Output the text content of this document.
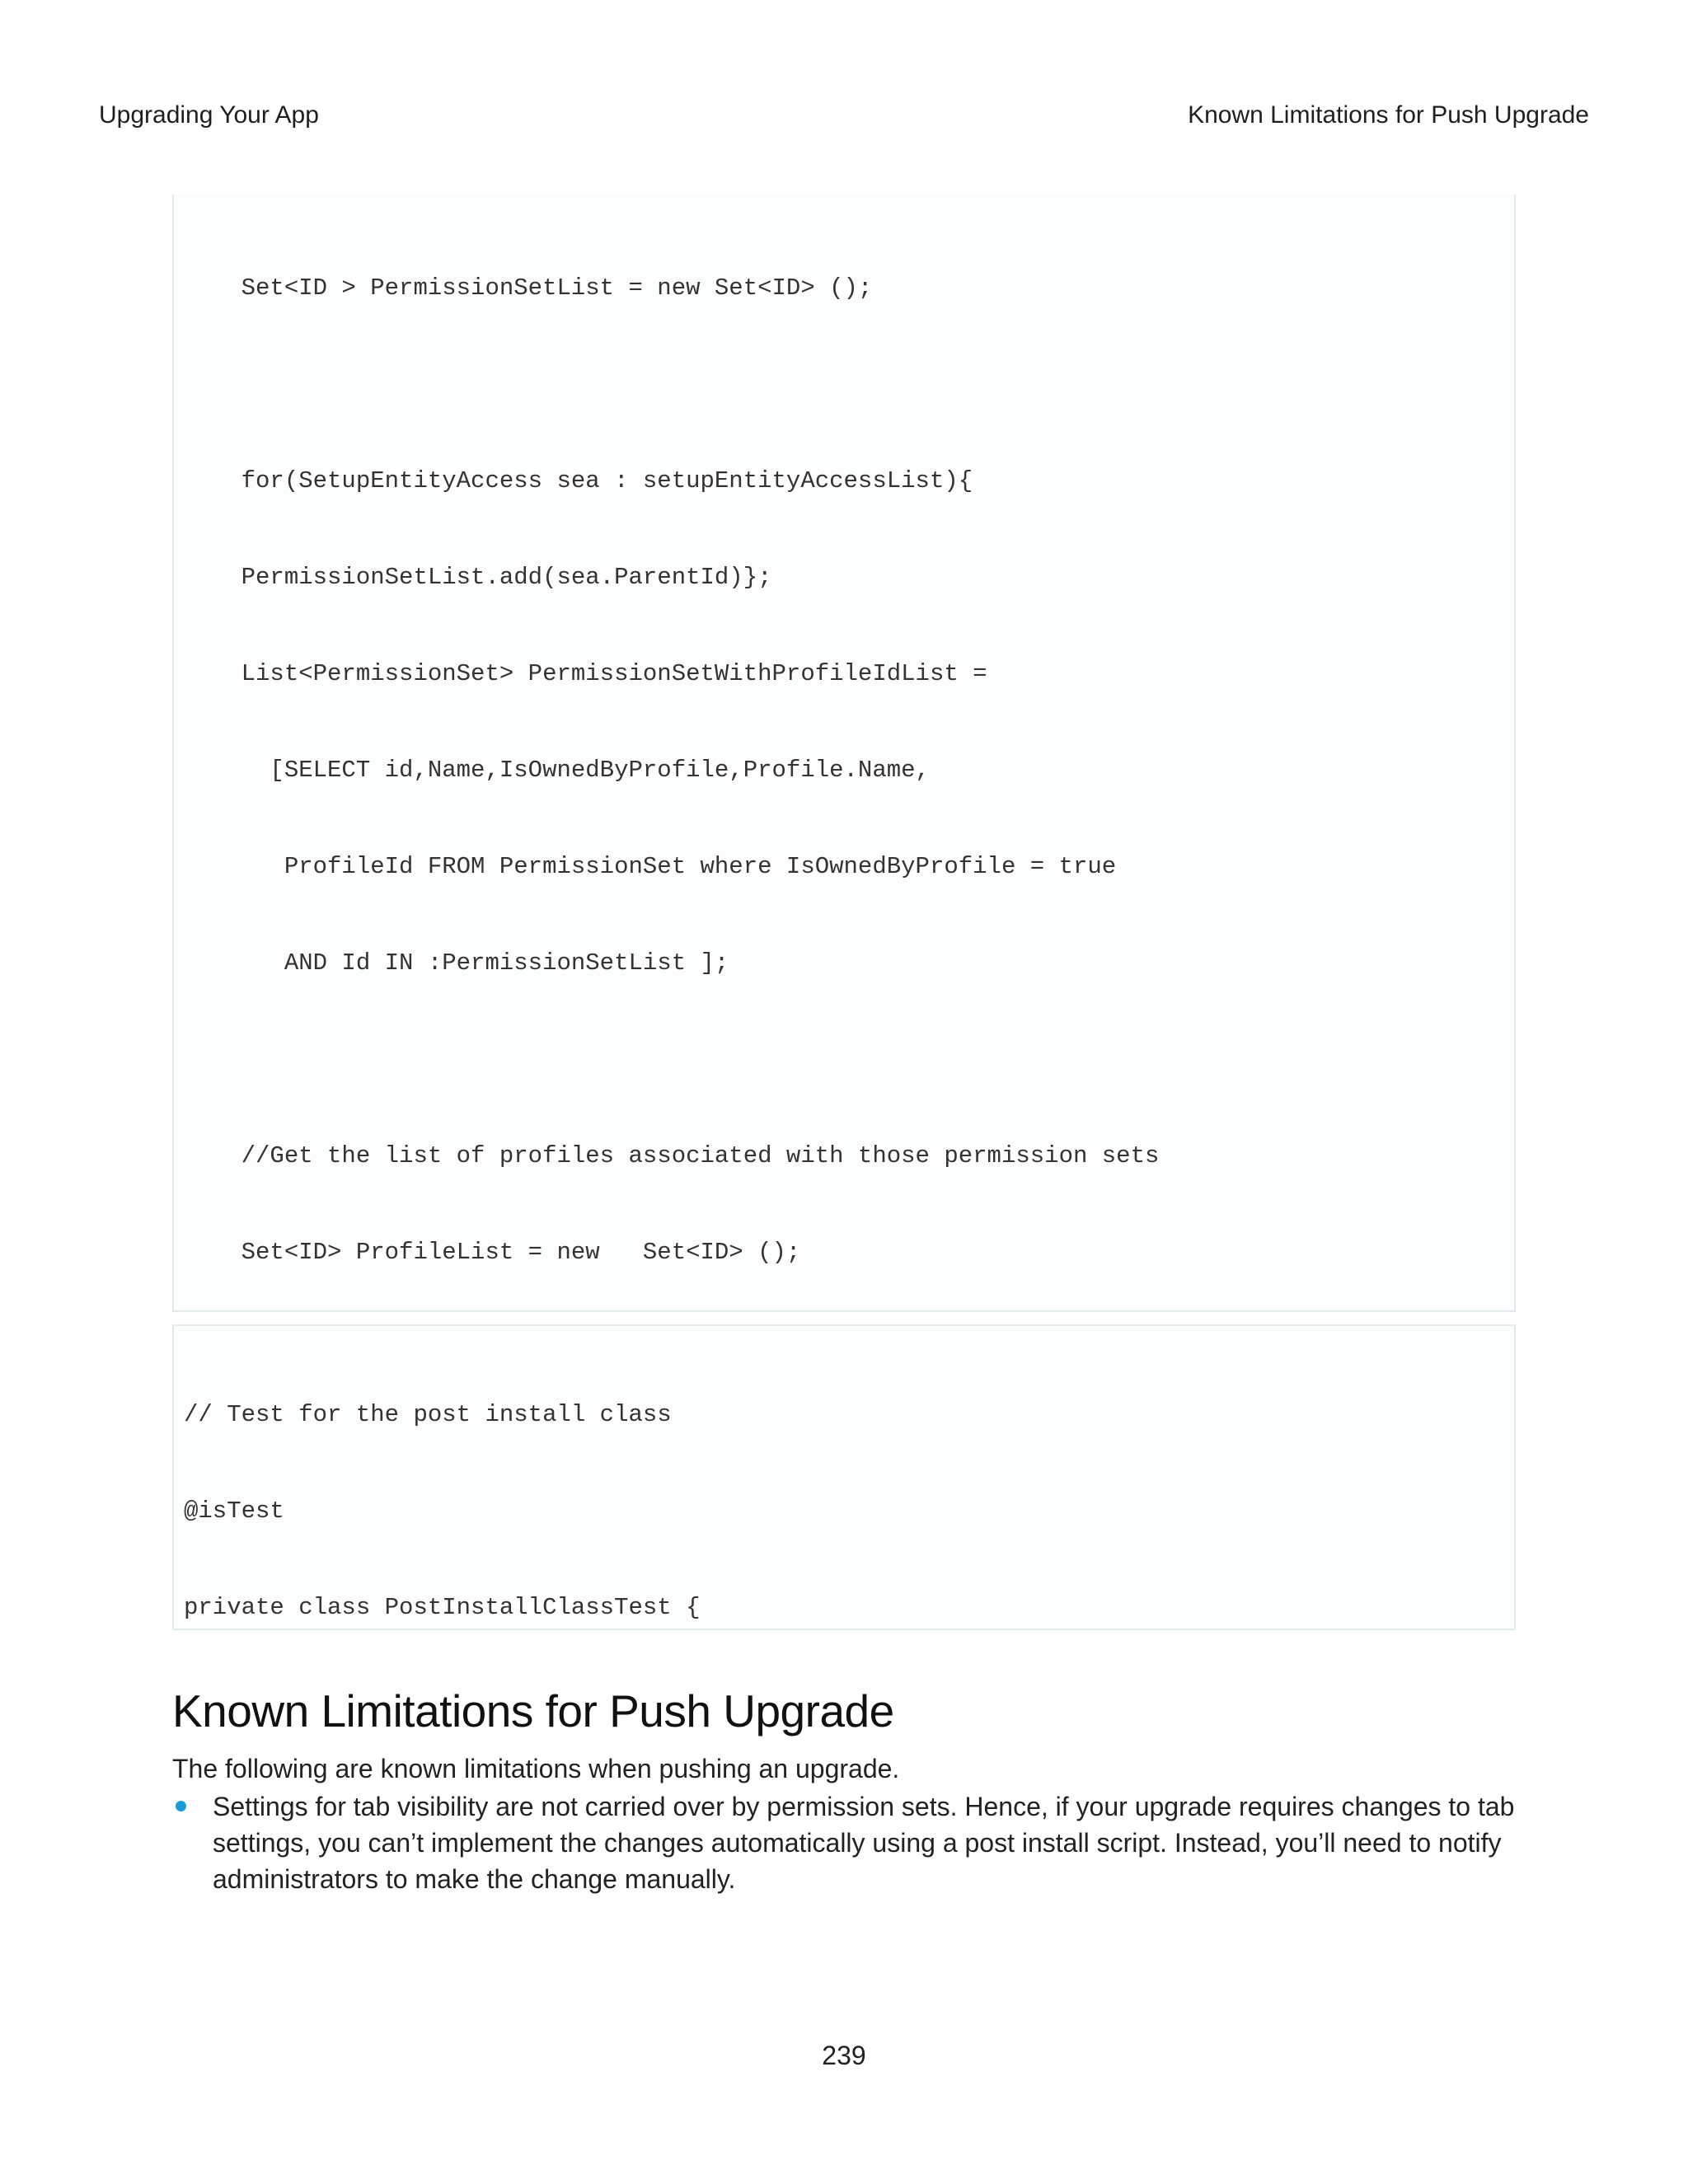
Upgrading Your App	Known Limitations for Push Upgrade

Set<ID > PermissionSetList = new Set<ID> ();

for(SetupEntityAccess sea : setupEntityAccessList){

PermissionSetList.add(sea.ParentId)};

List<PermissionSet> PermissionSetWithProfileIdList =

[SELECT id,Name,IsOwnedByProfile,Profile.Name,

ProfileId FROM PermissionSet where IsOwnedByProfile = true

AND Id IN :PermissionSetList ];

//Get the list of profiles associated with those permission sets

Set<ID> ProfileList = new   Set<ID> ();

// Test for the post install class

@isTest

private class PostInstallClassTest {

Known Limitations for Push Upgrade

The following are known limitations when pushing an upgrade.

Settings for tab visibility are not carried over by permission sets. Hence, if your upgrade requires changes to tab settings, you can’t implement the changes automatically using a post install script. Instead, you’ll need to notify administrators to make the change manually.
239
